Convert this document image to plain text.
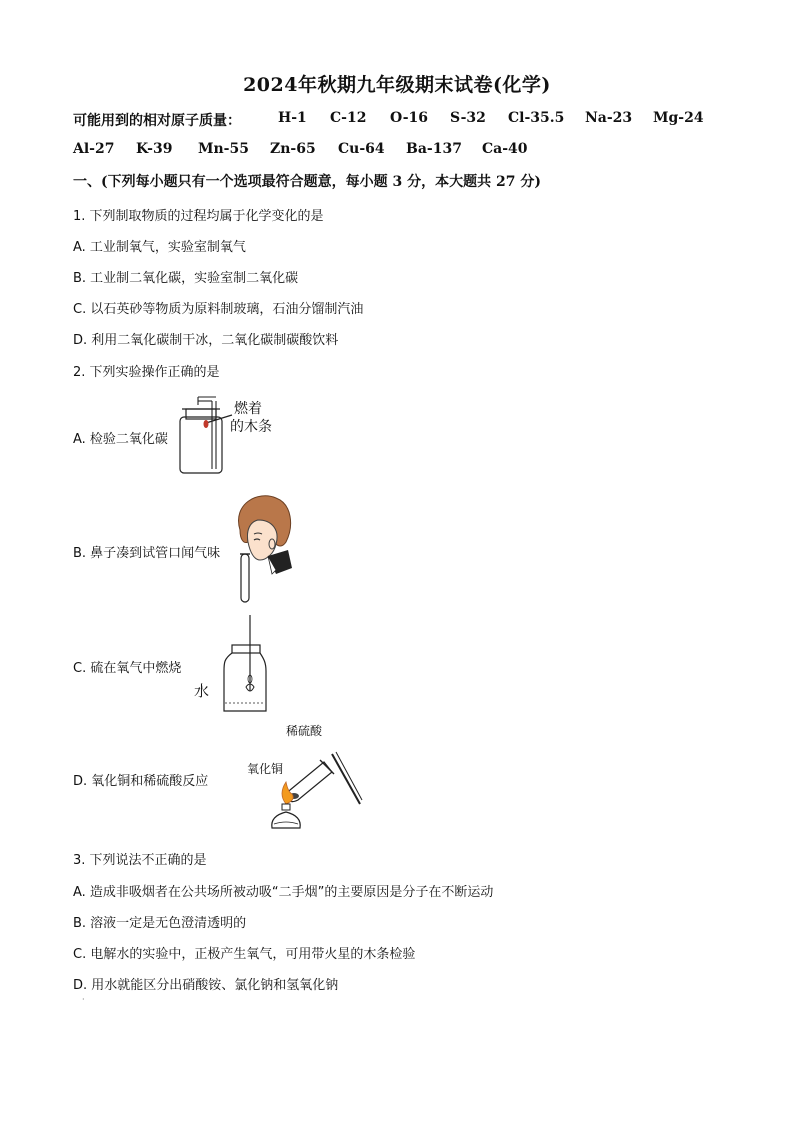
2024年秋期九年级期末试卷(化学)
可能用到的相对原子质量：	H-1 C-12 O-16 S-32 Cl-35.5 Na-23 Mg-24
Al-27 K-39 Mn-55 Zn-65 Cu-64 Ba-137 Ca-40
一、(下列每小题只有一个选项最符合题意，每小题 3 分，本大题共 27 分)
1. 下列制取物质的过程均属于化学变化的是
A. 工业制氧气，实验室制氧气
B. 工业制二氧化碳，实验室制二氧化碳
C. 以石英砂等物质为原料制玻璃，石油分馏制汽油
D. 利用二氧化碳制干冰，二氧化碳制碳酸饮料
2. 下列实验操作正确的是
A. 检验二氧化碳
燃着
的木条
B. 鼻子凑到试管口闻气味
C. 硫在氧气中燃烧
水
D. 氧化铜和稀硫酸反应
稀硫酸
氧化铜
3. 下列说法不正确的是
A. 造成非吸烟者在公共场所被动吸“二手烟”的主要原因是分子在不断运动
B. 溶液一定是无色澄清透明的
C. 电解水的实验中，正极产生氧气，可用带火星的木条检验
D. 用水就能区分出硝酸铵、氯化钠和氢氧化钠
·
